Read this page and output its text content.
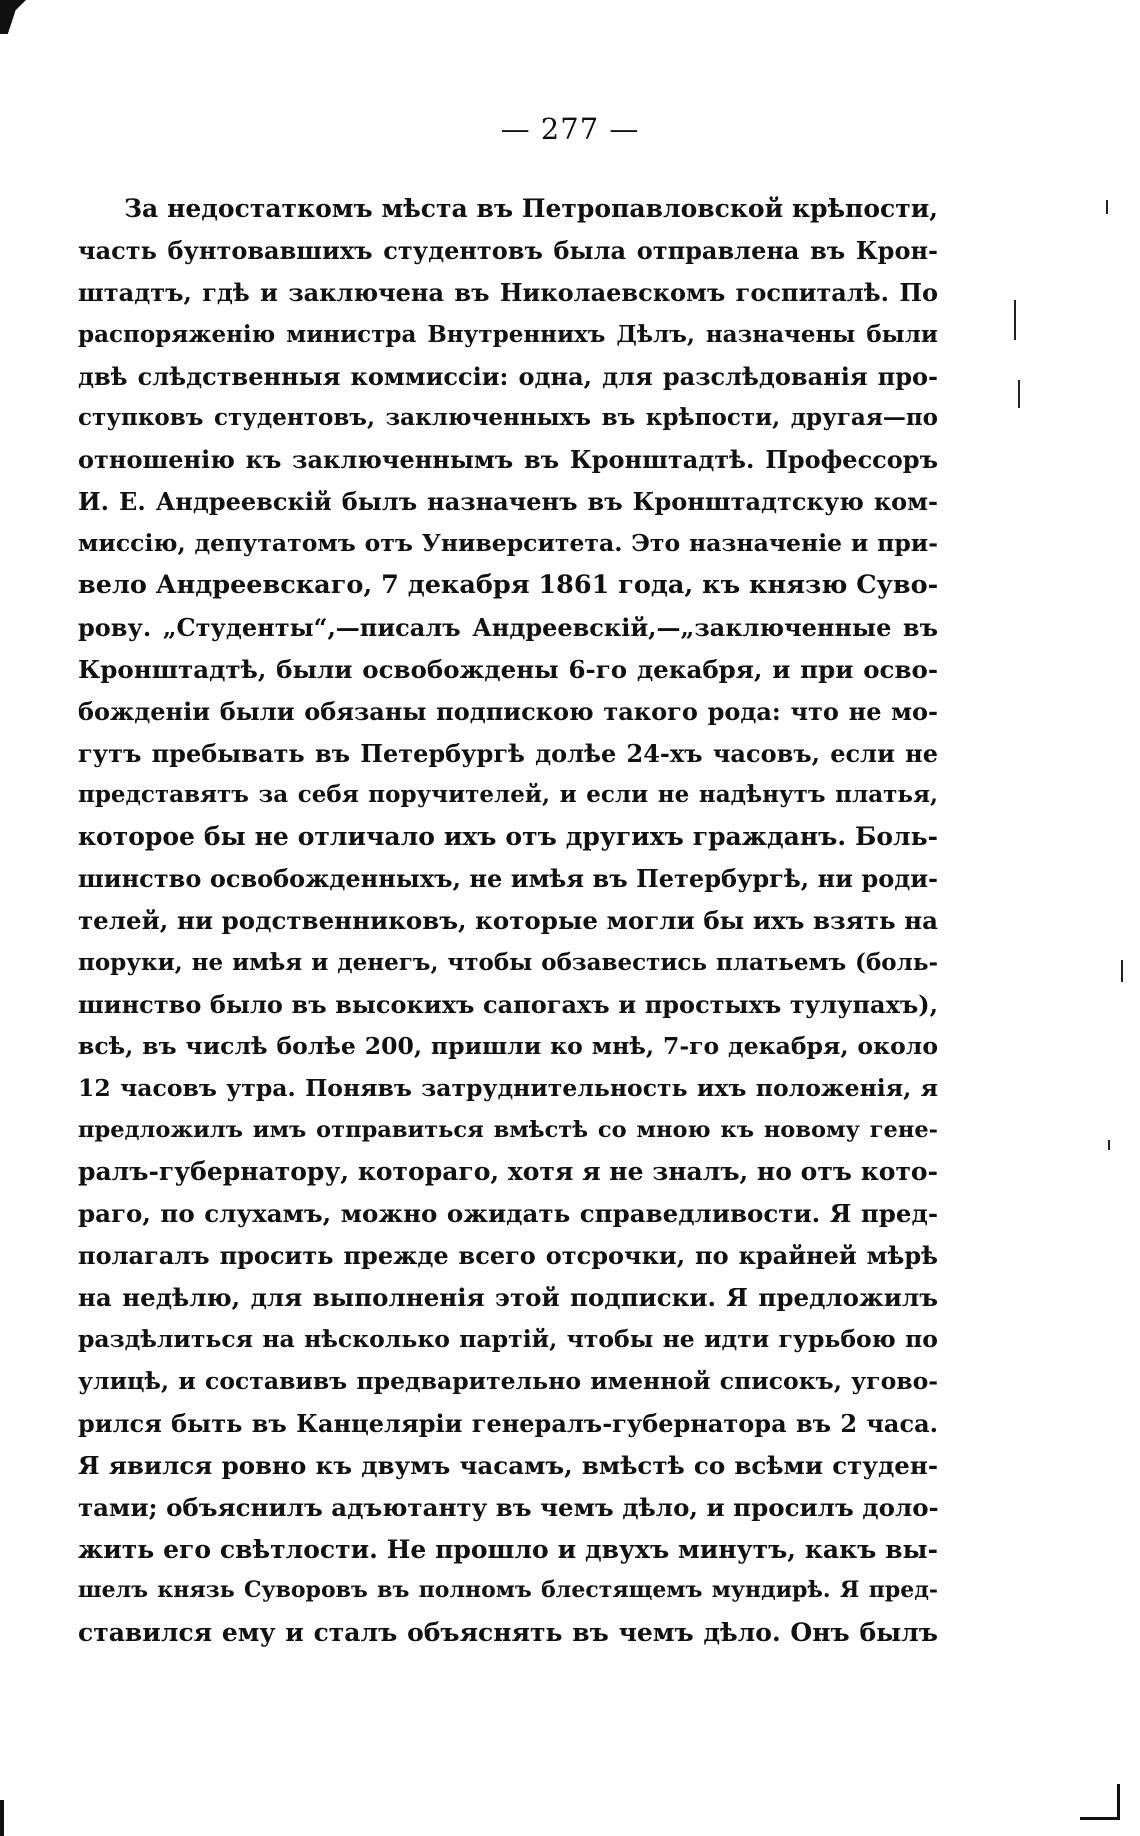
— 277 —
За недостаткомъ мѣста въ Петропавловской крѣпости,
часть бунтовавшихъ студентовъ была отправлена въ Крон-
штадтъ, гдѣ и заключена въ Николаевскомъ госпиталѣ. По
распоряженію министра Внутреннихъ Дѣлъ, назначены были
двѣ слѣдственныя коммиссіи: одна, для разслѣдованія про-
ступковъ студентовъ, заключенныхъ въ крѣпости, другая—по
отношенію къ заключеннымъ въ Кронштадтѣ. Профессоръ
И. Е. Андреевскій былъ назначенъ въ Кронштадтскую ком-
миссію, депутатомъ отъ Университета. Это назначеніе и при-
вело Андреевскаго, 7 декабря 1861 года, къ князю Суво-
рову. „Студенты“,—писалъ Андреевскій,—„заключенные въ
Кронштадтѣ, были освобождены 6-го декабря, и при осво-
божденіи были обязаны подпискою такого рода: что не мо-
гутъ пребывать въ Петербургѣ долѣе 24-хъ часовъ, если не
представятъ за себя поручителей, и если не надѣнутъ платья,
которое бы не отличало ихъ отъ другихъ гражданъ. Боль-
шинство освобожденныхъ, не имѣя въ Петербургѣ, ни роди-
телей, ни родственниковъ, которые могли бы ихъ взять на
поруки, не имѣя и денегъ, чтобы обзавестись платьемъ (боль-
шинство было въ высокихъ сапогахъ и простыхъ тулупахъ),
всѣ, въ числѣ болѣе 200, пришли ко мнѣ, 7-го декабря, около
12 часовъ утра. Понявъ затруднительность ихъ положенія, я
предложилъ имъ отправиться вмѣстѣ со мною къ новому гене-
ралъ-губернатору, котораго, хотя я не зналъ, но отъ кото-
раго, по слухамъ, можно ожидать справедливости. Я пред-
полагалъ просить прежде всего отсрочки, по крайней мѣрѣ
на недѣлю, для выполненія этой подписки. Я предложилъ
раздѣлиться на нѣсколько партій, чтобы не идти гурьбою по
улицѣ, и составивъ предварительно именной списокъ, угово-
рился быть въ Канцеляріи генералъ-губернатора въ 2 часа.
Я явился ровно къ двумъ часамъ, вмѣстѣ со всѣми студен-
тами; объяснилъ адъютанту въ чемъ дѣло, и просилъ доло-
жить его свѣтлости. Не прошло и двухъ минутъ, какъ вы-
шелъ князь Суворовъ въ полномъ блестящемъ мундирѣ. Я пред-
ставился ему и сталъ объяснять въ чемъ дѣло. Онъ былъ
